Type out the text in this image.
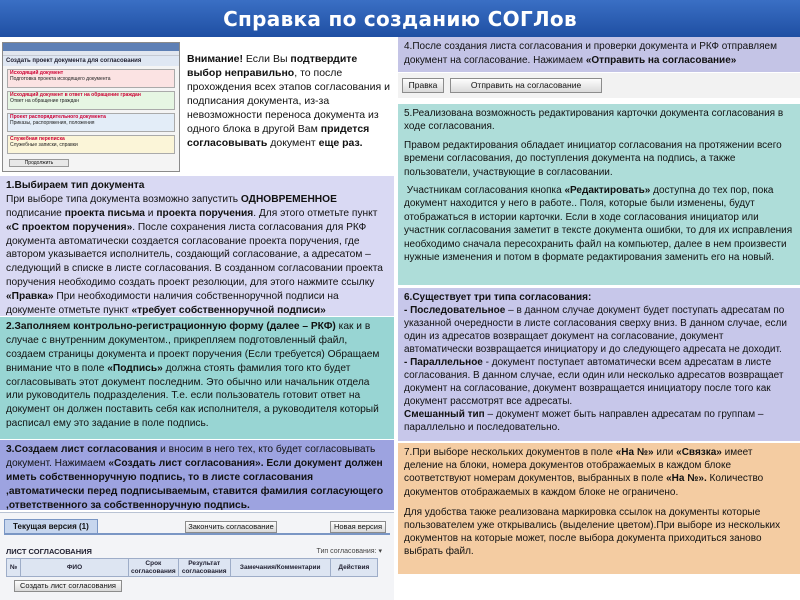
Справка по созданию СОГЛов
Создать проект документа для согласования
Исходящий документ
Подготовка проекта исходящего документа
Исходящий документ в ответ на обращение граждан
Ответ на обращение граждан
Проект распорядительного документа
Приказы, распоряжения, положения
Служебная переписка
Служебные записки, справки
Продолжить
Внимание! Если Вы подтвердите выбор неправильно, то после прохождения всех этапов согласования и подписания документа, из-за невозможности переноса документа из одного блока в другой Вам придется согласовывать документ еще раз.
1.Выбираем тип документа
При выборе типа документа возможно запустить ОДНОВРЕМЕННОЕ подписание проекта письма и проекта поручения. Для этого отметьте пункт «С проектом поручения». После сохранения листа согласования для РКФ документа автоматически создается согласование проекта поручения, где автором указывается исполнитель, создающий согласование, а адресатом – следующий в списке в листе согласования. В созданном согласовании проекта поручения необходимо создать проект резолюции, для этого нажмите ссылку «Правка» При необходимости наличия собственноручной подписи на документе отметьте пункт «требует собственноручной подписи»
2.Заполняем контрольно-регистрационную форму (далее – РКФ) как и в случае с внутренним документом., прикрепляем подготовленный файл, создаем страницы документа и проект поручения (Если требуется) Обращаем внимание что в поле «Подпись» должна стоять фамилия того кто будет согласовывать этот документ последним. Это обычно или начальник отдела или руководитель подразделения. Т.е. если пользователь готовит ответ на документ он должен поставить себя как исполнителя, а руководителя который расписал ему это задание в поле подпись.
3.Создаем лист согласования и вносим в него тех, кто будет согласовывать документ. Нажимаем «Создать лист согласования». Если документ должен иметь собственноручную подпись, то в листе согласования ,автоматически перед подписываемым, ставится фамилия согласующего ,ответственного за собственноручную подпись.
Текущая версия (1)	Закончить согласование	Новая версия
ЛИСТ СОГЛАСОВАНИЯ	Тип согласования: ▾
№	ФИО	Срок согласования	Результат согласования	Замечания/Комментарии	Действия
Создать лист согласования
4.После создания листа согласования и проверки документа и РКФ отправляем документ на согласование. Нажимаем «Отправить на согласование»
Правка	Отправить на согласование

5.Реализована возможность редактирования карточки документа согласования в ходе согласования.

Правом редактирования обладает инициатор согласования на протяжении всего времени согласования, до поступления документа на подпись, а также пользователи, участвующие в согласовании.

Участникам согласования кнопка «Редактировать» доступна до тех пор, пока документ находится у него в работе.. Поля, которые были изменены, будут отображаться в истории карточки. Если в ходе согласования инициатор или участник согласования заметит в тексте документа ошибки, то для их исправления необходимо сначала пересохранить файл на компьютер, далее в нем произвести нужные изменения и потом в формате редактирования заменить его на новый.

6.Существует три типа согласования:
- Последовательное – в данном случае документ будет поступать адресатам по указанной очередности в листе согласования сверху вниз. В данном случае, если один из адресатов возвращает документ на согласование, документ автоматически возвращается инициатору и до следующего адресата не доходит.
- Параллельное - документ поступает автоматически всем адресатам в листе согласования. В данном случае, если один или несколько адресатов возвращает документ на согласование, документ возвращается инициатору после того как документ рассмотрят все адресаты.
Смешанный тип – документ может быть направлен адресатам по группам – параллельно и последовательно.

7.При выборе нескольких документов в поле «На №» или «Связка» имеет деление на блоки, номера документов отображаемых в каждом блоке соответствуют номерам документов, выбранных в поле «На №». Количество документов отображаемых в каждом блоке не ограничено.

Для удобства также реализована маркировка ссылок на документы которые пользователем уже открывались (выделение цветом).При выборе из нескольких документов на которые может, после выбора документа приходиться заново выбрать файл.
